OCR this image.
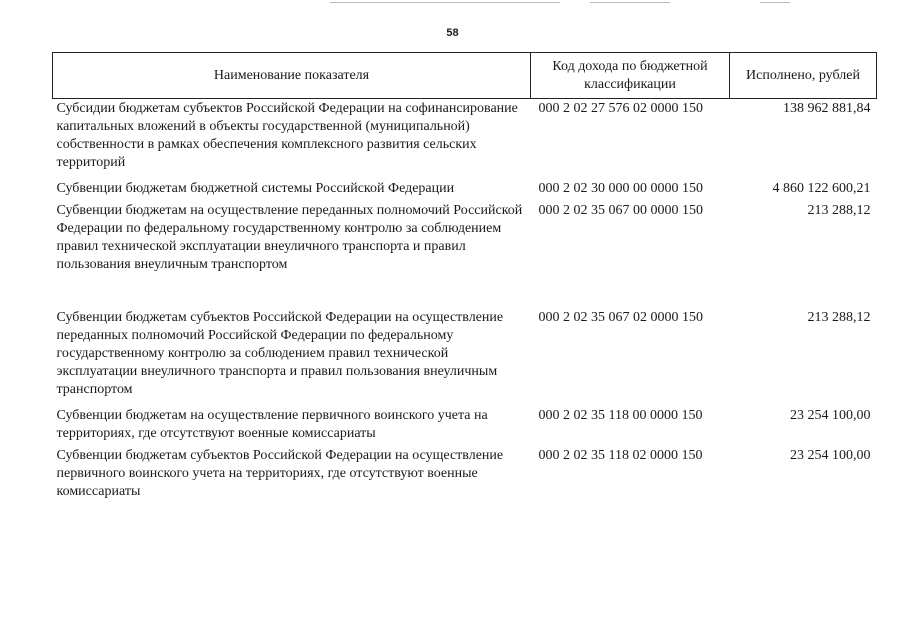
58
Наименование показателя	Код дохода по бюджетной классификации	Исполнено, рублей
Субсидии бюджетам субъектов Российской Федерации на софинансирование капитальных вложений в объекты государственной (муниципальной) собственности в рамках обеспечения комплексного развития сельских территорий	000 2 02 27 576 02 0000 150	138 962 881,84
Субвенции бюджетам бюджетной системы Российской Федерации	000 2 02 30 000 00 0000 150	4 860 122 600,21
Субвенции бюджетам на осуществление переданных полномочий Российской Федерации по федеральному государственному контролю за соблюдением правил технической эксплуатации внеуличного транспорта и правил пользования внеуличным транспортом	000 2 02 35 067 00 0000 150	213 288,12
Субвенции бюджетам субъектов Российской Федерации на осуществление переданных полномочий Российской Федерации по федеральному государственному контролю за соблюдением правил технической эксплуатации внеуличного транспорта и правил пользования внеуличным транспортом	000 2 02 35 067 02 0000 150	213 288,12
Субвенции бюджетам на осуществление первичного воинского учета на территориях, где отсутствуют военные комиссариаты	000 2 02 35 118 00 0000 150	23 254 100,00
Субвенции бюджетам субъектов Российской Федерации на осуществление первичного воинского учета на территориях, где отсутствуют военные комиссариаты	000 2 02 35 118 02 0000 150	23 254 100,00
